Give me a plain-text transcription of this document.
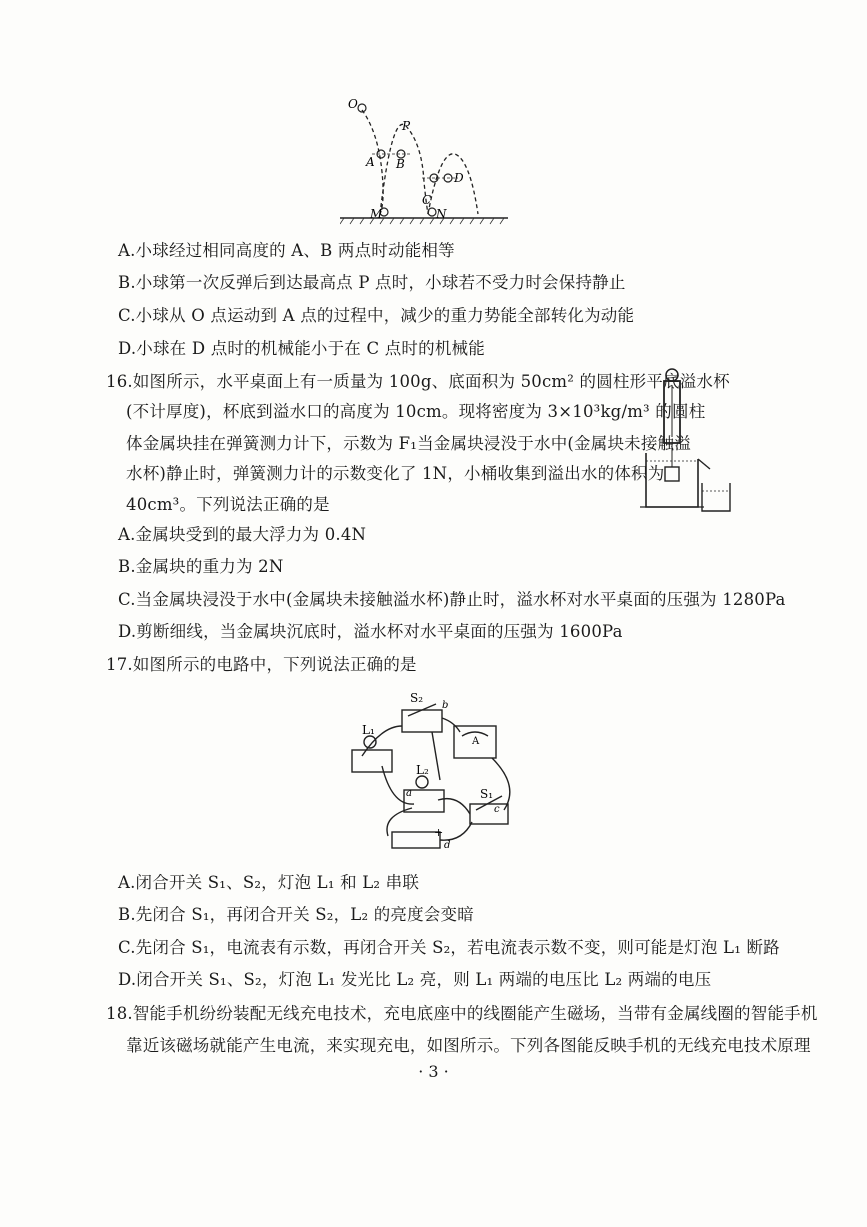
O
P
A B
D
C
M	N
A.小球经过相同高度的 A、B 两点时动能相等
B.小球第一次反弹后到达最高点 P 点时，小球若不受力时会保持静止
C.小球从 O 点运动到 A 点的过程中，减少的重力势能全部转化为动能
D.小球在 D 点时的机械能小于在 C 点时的机械能
16.如图所示，水平桌面上有一质量为 100g、底面积为 50cm² 的圆柱形平底溢水杯
(不计厚度)，杯底到溢水口的高度为 10cm。现将密度为 3×10³kg/m³ 的圆柱
体金属块挂在弹簧测力计下，示数为 F₁当金属块浸没于水中(金属块未接触溢
水杯)静止时，弹簧测力计的示数变化了 1N，小桶收集到溢出水的体积为
40cm³。下列说法正确的是
A.金属块受到的最大浮力为 0.4N
B.金属块的重力为 2N
C.当金属块浸没于水中(金属块未接触溢水杯)静止时，溢水杯对水平桌面的压强为 1280Pa
D.剪断细线，当金属块沉底时，溢水杯对水平桌面的压强为 1600Pa
17.如图所示的电路中，下列说法正确的是
S₂
L₁
L₂
S₁
a
b
c
d
A
+
A.闭合开关 S₁、S₂，灯泡 L₁ 和 L₂ 串联
B.先闭合 S₁，再闭合开关 S₂，L₂ 的亮度会变暗
C.先闭合 S₁，电流表有示数，再闭合开关 S₂，若电流表示数不变，则可能是灯泡 L₁ 断路
D.闭合开关 S₁、S₂，灯泡 L₁ 发光比 L₂ 亮，则 L₁ 两端的电压比 L₂ 两端的电压
18.智能手机纷纷装配无线充电技术，充电底座中的线圈能产生磁场，当带有金属线圈的智能手机
靠近该磁场就能产生电流，来实现充电，如图所示。下列各图能反映手机的无线充电技术原理
· 3 ·
